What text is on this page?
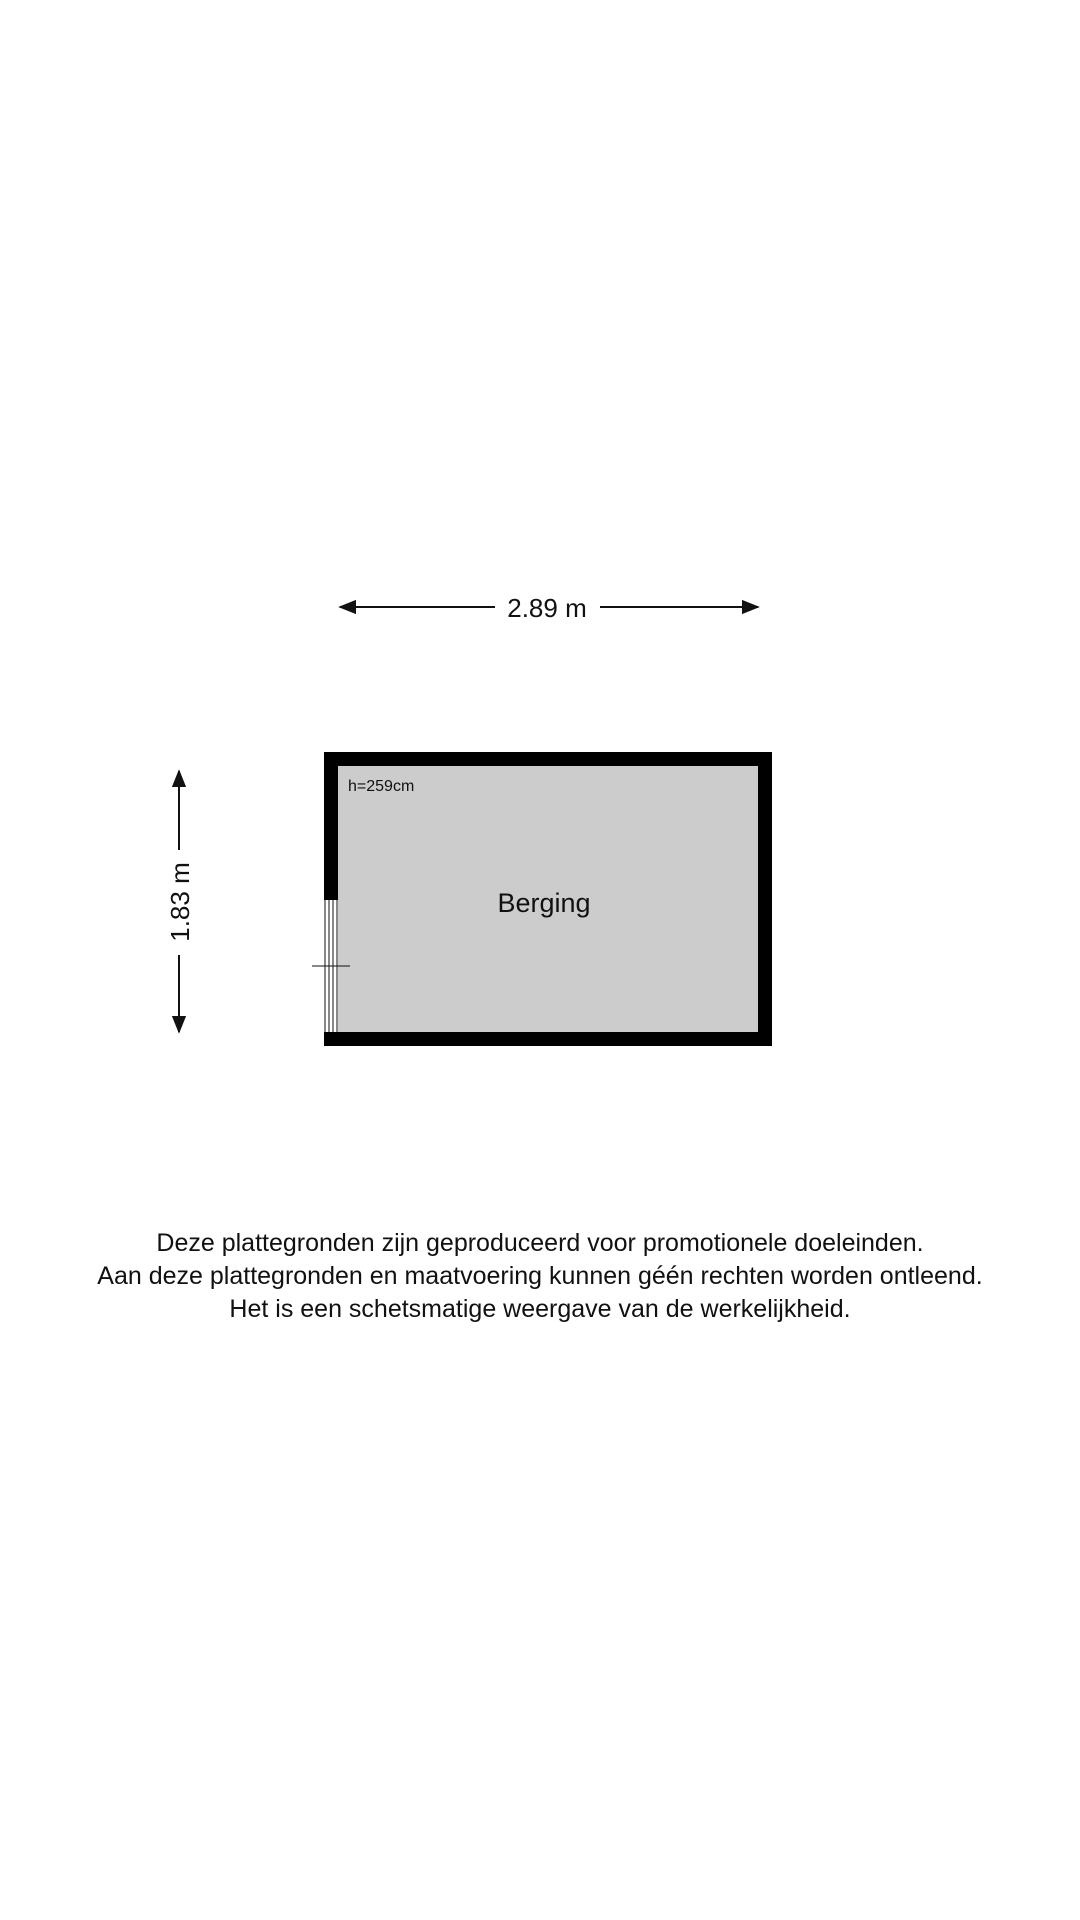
2.89 m
1.83 m
h=259cm
Berging
Deze plattegronden zijn geproduceerd voor promotionele doeleinden.
Aan deze plattegronden en maatvoering kunnen géén rechten worden ontleend.
Het is een schetsmatige weergave van de werkelijkheid.
